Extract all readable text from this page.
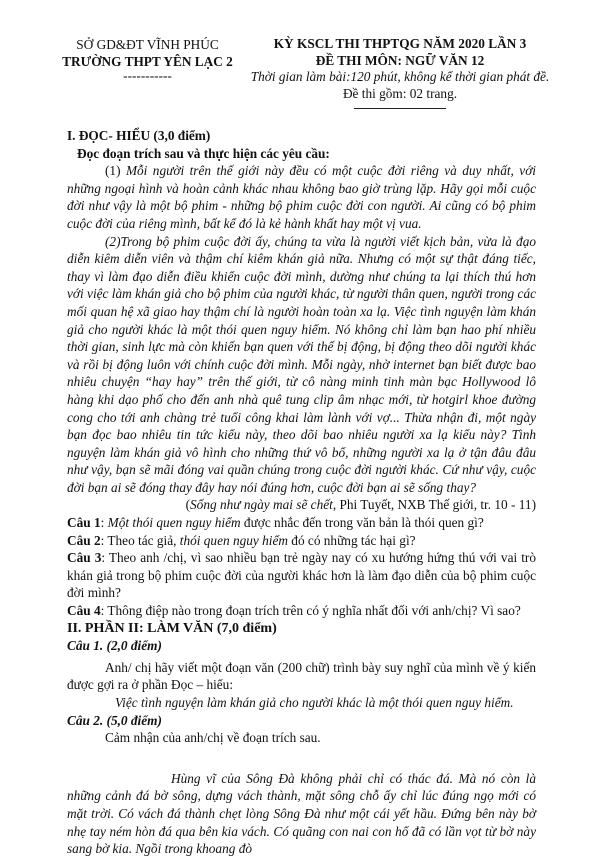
SỞ GD&ĐT VĨNH PHÚC
TRƯỜNG THPT YÊN LẠC 2
-----------
KỲ KSCL THI THPTQG NĂM 2020 LẦN 3
ĐỀ THI MÔN: NGỮ VĂN 12
Thời gian làm bài:120 phút, không kể thời gian phát đề.
Đề thi gồm: 02 trang.

I. ĐỌC- HIỂU (3,0 điểm)

Đọc đoạn trích sau và thực hiện các yêu cầu:

(1) Mỗi người trên thế giới này đều có một cuộc đời riêng và duy nhất, với những ngoại hình và hoàn cảnh khác nhau không bao giờ trùng lặp. Hãy gọi mỗi cuộc đời như vậy là một bộ phim - những bộ phim cuộc đời con người. Ai cũng có bộ phim cuộc đời của riêng mình, bất kể đó là kẻ hành khất hay một vị vua.

(2)Trong bộ phim cuộc đời ấy, chúng ta vừa là người viết kịch bản, vừa là đạo diễn kiêm diễn viên và thậm chí kiêm khán giả nữa. Nhưng có một sự thật đáng tiếc, thay vì làm đạo diễn điều khiển cuộc đời mình, dường như chúng ta lại thích thú hơn với việc làm khán giả cho bộ phim của người khác, từ người thân quen, người trong các mối quan hệ xã giao hay thậm chí là người hoàn toàn xa lạ. Việc tình nguyện làm khán giả cho người khác là một thói quen nguy hiểm. Nó không chỉ làm bạn hao phí nhiều thời gian, sinh lực mà còn khiến bạn quen với thế bị động, bị động theo dõi người khác và rồi bị động luôn với chính cuộc đời mình. Mỗi ngày, nhờ internet bạn biết được bao nhiêu chuyện “hay hay” trên thế giới, từ cô nàng minh tinh màn bạc Hollywood lô hàng khi dạo phố cho đến anh nhà quê tung clip âm nhạc mới, từ hotgirl khoe đường cong cho tới anh chàng trẻ tuổi công khai làm lành với vợ... Thừa nhận đi, một ngày bạn đọc bao nhiêu tin tức kiểu này, theo dõi bao nhiêu người xa lạ kiểu này? Tình nguyện làm khán giả vô hình cho những thứ vô bổ, những người xa lạ ở tận đâu đâu như vậy, bạn sẽ mãi đóng vai quần chúng trong cuộc đời người khác. Cứ như vậy, cuộc đời bạn ai sẽ đóng thay đây hay nói đúng hơn, cuộc đời bạn ai sẽ sống thay?

(Sống như ngày mai sẽ chết, Phi Tuyết, NXB Thế giới, tr. 10 - 11)

Câu 1: Một thói quen nguy hiểm được nhắc đến trong văn bản là thói quen gì?

Câu 2: Theo tác giả, thói quen nguy hiểm đó có những tác hại gì?

Câu 3: Theo anh /chị, vì sao nhiều bạn trẻ ngày nay có xu hướng hứng thú với vai trò khán giả trong bộ phim cuộc đời của người khác hơn là làm đạo diễn của bộ phim cuộc đời mình?

Câu 4: Thông điệp nào trong đoạn trích trên có ý nghĩa nhất đối với anh/chị? Vì sao?

II. PHẦN II: LÀM VĂN (7,0 điểm)

Câu 1. (2,0 điểm)

Anh/ chị hãy viết một đoạn văn (200 chữ) trình bày suy nghĩ của mình về ý kiến được gợi ra ở phần Đọc – hiểu:

Việc tình nguyện làm khán giả cho người khác là một thói quen nguy hiểm.

Câu 2. (5,0 điểm)

Cảm nhận của anh/chị về đoạn trích sau.

Hùng vĩ của Sông Đà không phải chỉ có thác đá. Mà nó còn là những cảnh đá bờ sông, dựng vách thành, mặt sông chỗ ấy chỉ lúc đúng ngọ mới có mặt trời. Có vách đá thành chẹt lòng Sông Đà như một cái yết hầu. Đứng bên này bờ nhẹ tay ném hòn đá qua bên kia vách. Có quãng con nai con hổ đã có lần vọt từ bờ này sang bờ kia. Ngồi trong khoang đò
